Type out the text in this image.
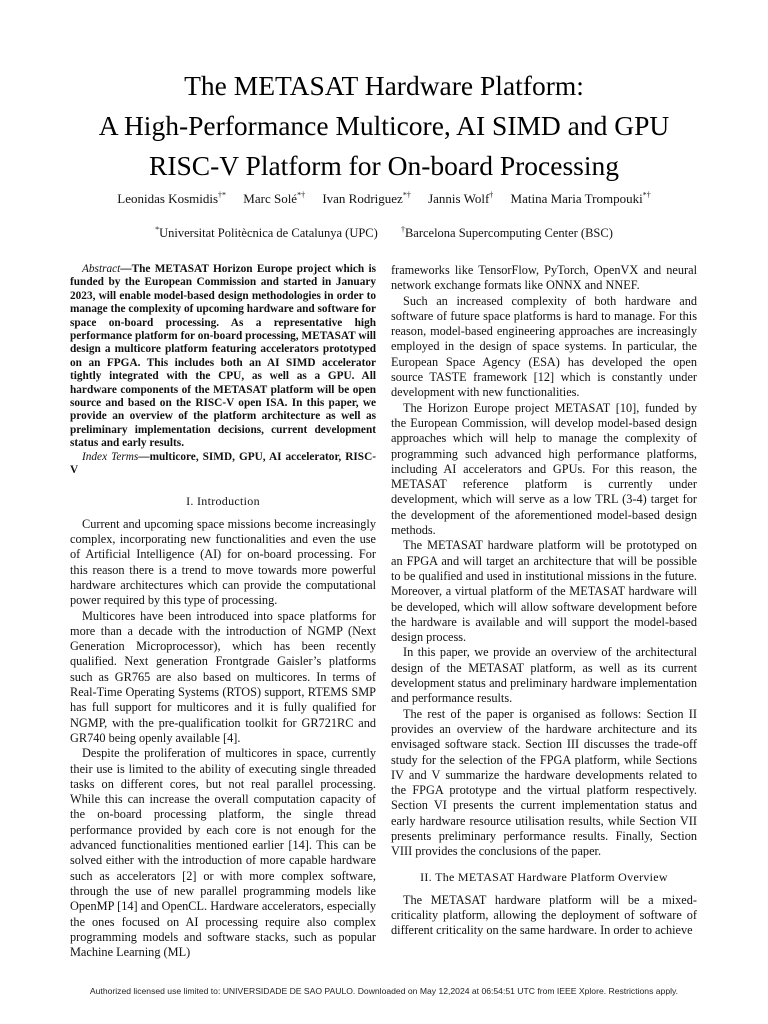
The METASAT Hardware Platform:
A High-Performance Multicore, AI SIMD and GPU
RISC-V Platform for On-board Processing
Leonidas Kosmidis†* Marc Solé*† Ivan Rodriguez*† Jannis Wolf† Matina Maria Trompouki*†
*Universitat Politècnica de Catalunya (UPC)	†Barcelona Supercomputing Center (BSC)

Abstract—The METASAT Horizon Europe project which is funded by the European Commission and started in January 2023, will enable model-based design methodologies in order to manage the complexity of upcoming hardware and software for space on-board processing. As a representative high performance platform for on-board processing, METASAT will design a multicore platform featuring accelerators prototyped on an FPGA. This includes both an AI SIMD accelerator tightly integrated with the CPU, as well as a GPU. All hardware components of the METASAT platform will be open source and based on the RISC-V open ISA. In this paper, we provide an overview of the platform architecture as well as preliminary implementation decisions, current development status and early results.

Index Terms—multicore, SIMD, GPU, AI accelerator, RISC-V

I. Introduction

Current and upcoming space missions become increasingly complex, incorporating new functionalities and even the use of Artificial Intelligence (AI) for on-board processing. For this reason there is a trend to move towards more powerful hardware architectures which can provide the computational power required by this type of processing.

Multicores have been introduced into space platforms for more than a decade with the introduction of NGMP (Next Generation Microprocessor), which has been recently qualified. Next generation Frontgrade Gaisler’s platforms such as GR765 are also based on multicores. In terms of Real-Time Operating Systems (RTOS) support, RTEMS SMP has full support for multicores and it is fully qualified for NGMP, with the pre-qualification toolkit for GR721RC and GR740 being openly available [4].

Despite the proliferation of multicores in space, currently their use is limited to the ability of executing single threaded tasks on different cores, but not real parallel processing. While this can increase the overall computation capacity of the on-board processing platform, the single thread performance provided by each core is not enough for the advanced functionalities mentioned earlier [14]. This can be solved either with the introduction of more capable hardware such as accelerators [2] or with more complex software, through the use of new parallel programming models like OpenMP [14] and OpenCL. Hardware accelerators, especially the ones focused on AI processing require also complex programming models and software stacks, such as popular Machine Learning (ML)

frameworks like TensorFlow, PyTorch, OpenVX and neural network exchange formats like ONNX and NNEF.

Such an increased complexity of both hardware and software of future space platforms is hard to manage. For this reason, model-based engineering approaches are increasingly employed in the design of space systems. In particular, the European Space Agency (ESA) has developed the open source TASTE framework [12] which is constantly under development with new functionalities.

The Horizon Europe project METASAT [10], funded by the European Commission, will develop model-based design approaches which will help to manage the complexity of programming such advanced high performance platforms, including AI accelerators and GPUs. For this reason, the METASAT reference platform is currently under development, which will serve as a low TRL (3-4) target for the development of the aforementioned model-based design methods.

The METASAT hardware platform will be prototyped on an FPGA and will target an architecture that will be possible to be qualified and used in institutional missions in the future. Moreover, a virtual platform of the METASAT hardware will be developed, which will allow software development before the hardware is available and will support the model-based design process.

In this paper, we provide an overview of the architectural design of the METASAT platform, as well as its current development status and preliminary hardware implementation and performance results.

The rest of the paper is organised as follows: Section II provides an overview of the hardware architecture and its envisaged software stack. Section III discusses the trade-off study for the selection of the FPGA platform, while Sections IV and V summarize the hardware developments related to the FPGA prototype and the virtual platform respectively. Section VI presents the current implementation status and early hardware resource utilisation results, while Section VII presents preliminary performance results. Finally, Section VIII provides the conclusions of the paper.

II. The METASAT Hardware Platform Overview

The METASAT hardware platform will be a mixed-criticality platform, allowing the deployment of software of different criticality on the same hardware. In order to achieve

Authorized licensed use limited to: UNIVERSIDADE DE SAO PAULO. Downloaded on May 12,2024 at 06:54:51 UTC from IEEE Xplore. Restrictions apply.
